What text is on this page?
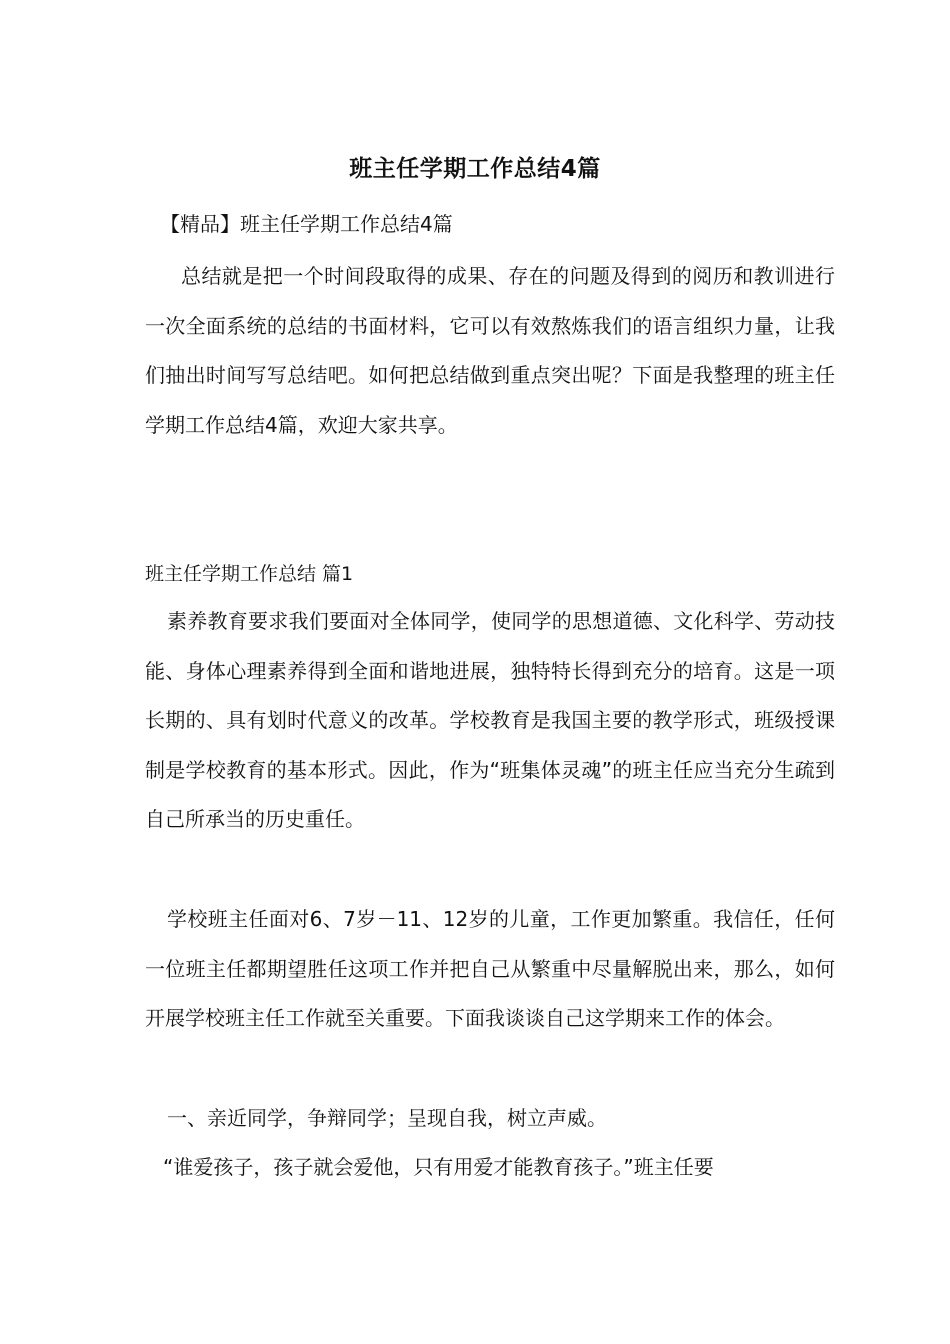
班主任学期工作总结4篇

【精品】班主任学期工作总结4篇

总结就是把一个时间段取得的成果、存在的问题及得到的阅历和教训进行一次全面系统的总结的书面材料，它可以有效熬炼我们的语言组织力量，让我们抽出时间写写总结吧。如何把总结做到重点突出呢？下面是我整理的班主任学期工作总结4篇，欢迎大家共享。

班主任学期工作总结 篇1

素养教育要求我们要面对全体同学，使同学的思想道德、文化科学、劳动技能、身体心理素养得到全面和谐地进展，独特特长得到充分的培育。这是一项长期的、具有划时代意义的改革。学校教育是我国主要的教学形式，班级授课制是学校教育的基本形式。因此，作为“班集体灵魂”的班主任应当充分生疏到自己所承当的历史重任。

学校班主任面对6、7岁－11、12岁的儿童，工作更加繁重。我信任，任何一位班主任都期望胜任这项工作并把自己从繁重中尽量解脱出来，那么，如何开展学校班主任工作就至关重要。下面我谈谈自己这学期来工作的体会。

一、亲近同学，争辩同学；呈现自我，树立声威。

“谁爱孩子，孩子就会爱他，只有用爱才能教育孩子。”班主任要
